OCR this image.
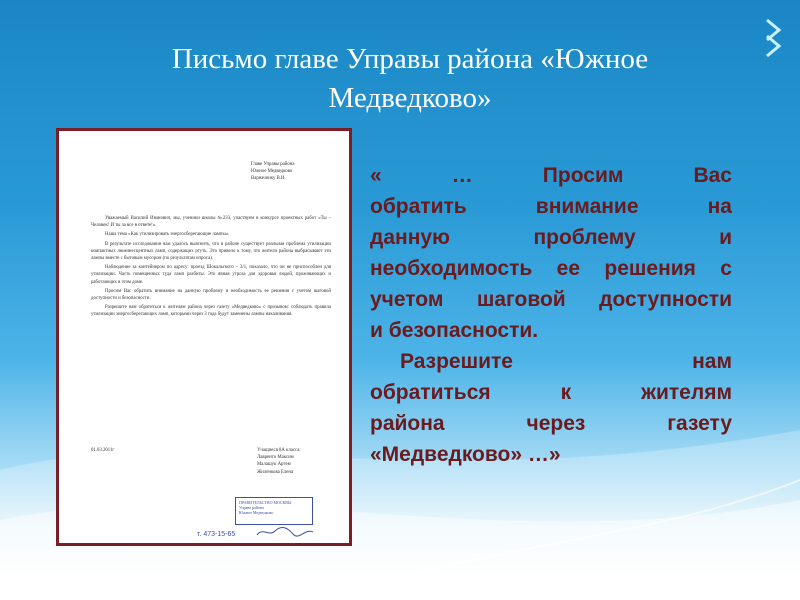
Письмо главе Управы района «Южное
Медведково»
Главе Управы района
Южное Медведково
Варначинку В.И.

Уважаемый Василий Иванович, мы, ученики школы №233, участвуем в конкурсе проектных работ «Ты – Человек! И ты за все в ответе!».

Наша тема «Как утилизировать энергосберегающие лампы».

В результате исследования нам удалось выяснить, что в районе существует реальная проблема утилизации компактных люминесцентных ламп, содержащих ртуть. Это привело к тому, что жители района выбрасывают эти лампы вместе с бытовым мусором (по результатам опроса).

Наблюдение за контейнером по адресу: проезд Шокальского – 3/1, показало, что он не приспособлен для утилизации. Часть помещенных туда ламп разбиты. Это явная угроза для здоровья людей, проживающих и работающих в этом доме.

Просим Вас обратить внимание на данную проблему и необходимость ее решения с учетом шаговой доступности и безопасности.

Разрешите нам обратиться к жителям района через газету «Медведково» с призывом: соблюдать правила утилизации энергосберегающих ламп, которыми через 3 года будут заменены лампы накаливания.

01.03.2011г	Учащиеся 8А класса:
Лавренто Максим
Малашук Артем
Жиленкова Елена
ПРАВИТЕЛЬСТВО МОСКВЫ
Управа района
Южное Медведково
т. 473-15-65

« … Просим Вас

обратить внимание на

данную проблему и

необходимость ее решения с

учетом шаговой доступности

и безопасности.

Разрешите нам

обратиться к жителям

района через газету

«Медведково» …»
